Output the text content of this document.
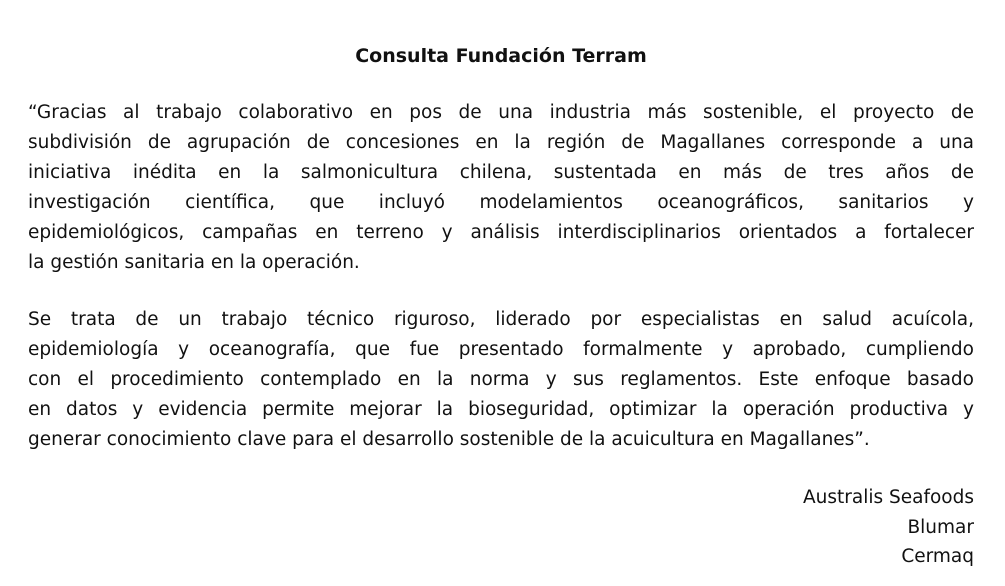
Consulta Fundación Terram

“Gracias al trabajo colaborativo en pos de una industria más sostenible, el proyecto de
subdivisión de agrupación de concesiones en la región de Magallanes corresponde a una
iniciativa inédita en la salmonicultura chilena, sustentada en más de tres años de
investigación científica, que incluyó modelamientos oceanográficos, sanitarios y
epidemiológicos, campañas en terreno y análisis interdisciplinarios orientados a fortalecer
la gestión sanitaria en la operación.

Se trata de un trabajo técnico riguroso, liderado por especialistas en salud acuícola,
epidemiología y oceanografía, que fue presentado formalmente y aprobado, cumpliendo
con el procedimiento contemplado en la norma y sus reglamentos. Este enfoque basado
en datos y evidencia permite mejorar la bioseguridad, optimizar la operación productiva y
generar conocimiento clave para el desarrollo sostenible de la acuicultura en Magallanes”.

Australis Seafoods
Blumar
Cermaq
